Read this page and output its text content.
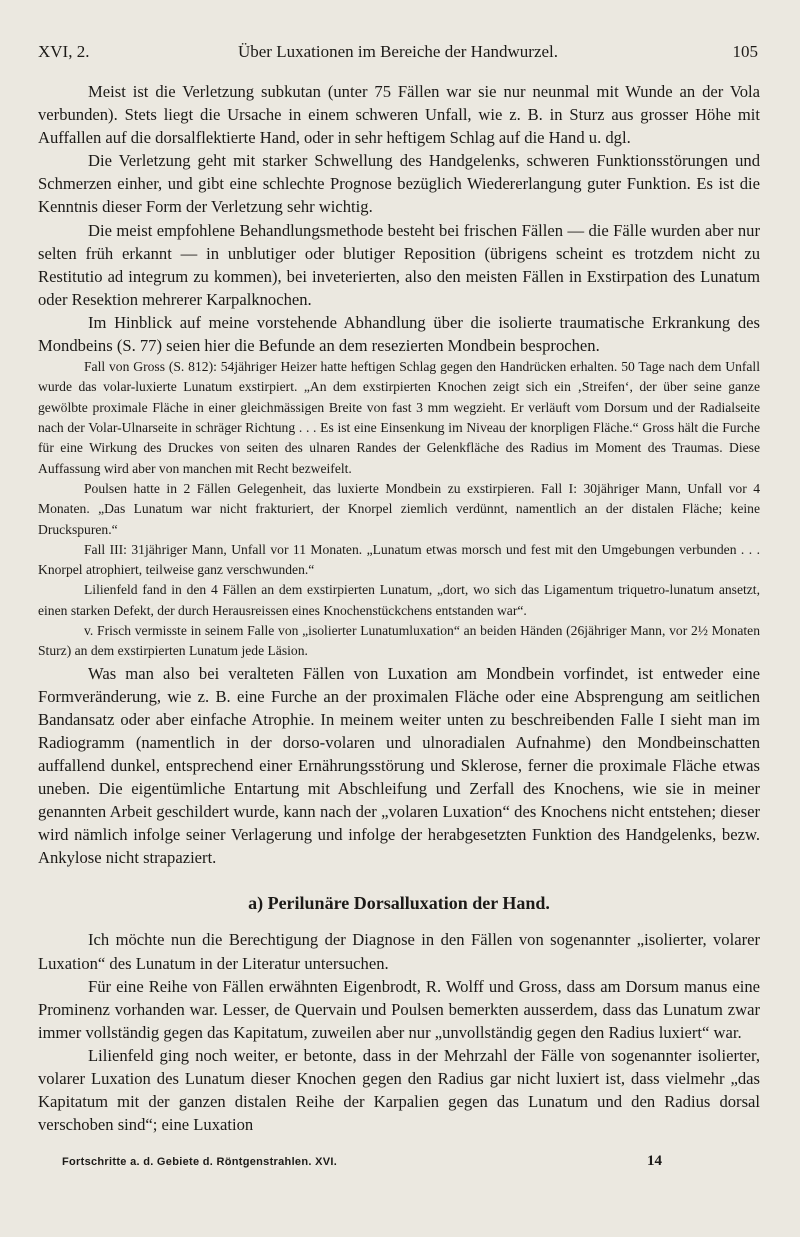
XVI, 2.	Über Luxationen im Bereiche der Handwurzel.	105

Meist ist die Verletzung subkutan (unter 75 Fällen war sie nur neunmal mit Wunde an der Vola verbunden). Stets liegt die Ursache in einem schweren Unfall, wie z. B. in Sturz aus grosser Höhe mit Auffallen auf die dorsalflektierte Hand, oder in sehr heftigem Schlag auf die Hand u. dgl.

Die Verletzung geht mit starker Schwellung des Handgelenks, schweren Funktionsstörungen und Schmerzen einher, und gibt eine schlechte Prognose bezüglich Wiedererlangung guter Funktion. Es ist die Kenntnis dieser Form der Verletzung sehr wichtig.

Die meist empfohlene Behandlungsmethode besteht bei frischen Fällen — die Fälle wurden aber nur selten früh erkannt — in unblutiger oder blutiger Reposition (übrigens scheint es trotzdem nicht zu Restitutio ad integrum zu kommen), bei inveterierten, also den meisten Fällen in Exstirpation des Lunatum oder Resektion mehrerer Karpalknochen.

Im Hinblick auf meine vorstehende Abhandlung über die isolierte traumatische Erkrankung des Mondbeins (S. 77) seien hier die Befunde an dem resezierten Mondbein besprochen.

Fall von Gross (S. 812): 54jähriger Heizer hatte heftigen Schlag gegen den Handrücken erhalten. 50 Tage nach dem Unfall wurde das volar-luxierte Lunatum exstirpiert. „An dem exstirpierten Knochen zeigt sich ein ‚Streifen‘, der über seine ganze gewölbte proximale Fläche in einer gleichmässigen Breite von fast 3 mm wegzieht. Er verläuft vom Dorsum und der Radialseite nach der Volar-Ulnarseite in schräger Richtung . . . Es ist eine Einsenkung im Niveau der knorpligen Fläche.“ Gross hält die Furche für eine Wirkung des Druckes von seiten des ulnaren Randes der Gelenkfläche des Radius im Moment des Traumas. Diese Auffassung wird aber von manchen mit Recht bezweifelt.

Poulsen hatte in 2 Fällen Gelegenheit, das luxierte Mondbein zu exstirpieren. Fall I: 30jähriger Mann, Unfall vor 4 Monaten. „Das Lunatum war nicht frakturiert, der Knorpel ziemlich verdünnt, namentlich an der distalen Fläche; keine Druckspuren.“

Fall III: 31jähriger Mann, Unfall vor 11 Monaten. „Lunatum etwas morsch und fest mit den Umgebungen verbunden . . . Knorpel atrophiert, teilweise ganz verschwunden.“

Lilienfeld fand in den 4 Fällen an dem exstirpierten Lunatum, „dort, wo sich das Ligamentum triquetro-lunatum ansetzt, einen starken Defekt, der durch Herausreissen eines Knochenstückchens entstanden war“.

v. Frisch vermisste in seinem Falle von „isolierter Lunatumluxation“ an beiden Händen (26jähriger Mann, vor 2½ Monaten Sturz) an dem exstirpierten Lunatum jede Läsion.

Was man also bei veralteten Fällen von Luxation am Mondbein vorfindet, ist entweder eine Formveränderung, wie z. B. eine Furche an der proximalen Fläche oder eine Absprengung am seitlichen Bandansatz oder aber einfache Atrophie. In meinem weiter unten zu beschreibenden Falle I sieht man im Radiogramm (namentlich in der dorso-volaren und ulnoradialen Aufnahme) den Mondbeinschatten auffallend dunkel, entsprechend einer Ernährungsstörung und Sklerose, ferner die proximale Fläche etwas uneben. Die eigentümliche Entartung mit Abschleifung und Zerfall des Knochens, wie sie in meiner genannten Arbeit geschildert wurde, kann nach der „volaren Luxation“ des Knochens nicht entstehen; dieser wird nämlich infolge seiner Verlagerung und infolge der herabgesetzten Funktion des Handgelenks, bezw. Ankylose nicht strapaziert.

a) Perilunäre Dorsalluxation der Hand.

Ich möchte nun die Berechtigung der Diagnose in den Fällen von sogenannter „isolierter, volarer Luxation“ des Lunatum in der Literatur untersuchen.

Für eine Reihe von Fällen erwähnten Eigenbrodt, R. Wolff und Gross, dass am Dorsum manus eine Prominenz vorhanden war. Lesser, de Quervain und Poulsen bemerkten ausserdem, dass das Lunatum zwar immer vollständig gegen das Kapitatum, zuweilen aber nur „unvollständig gegen den Radius luxiert“ war.

Lilienfeld ging noch weiter, er betonte, dass in der Mehrzahl der Fälle von sogenannter isolierter, volarer Luxation des Lunatum dieser Knochen gegen den Radius gar nicht luxiert ist, dass vielmehr „das Kapitatum mit der ganzen distalen Reihe der Karpalien gegen das Lunatum und den Radius dorsal verschoben sind“; eine Luxation

Fortschritte a. d. Gebiete d. Röntgenstrahlen. XVI.	14
